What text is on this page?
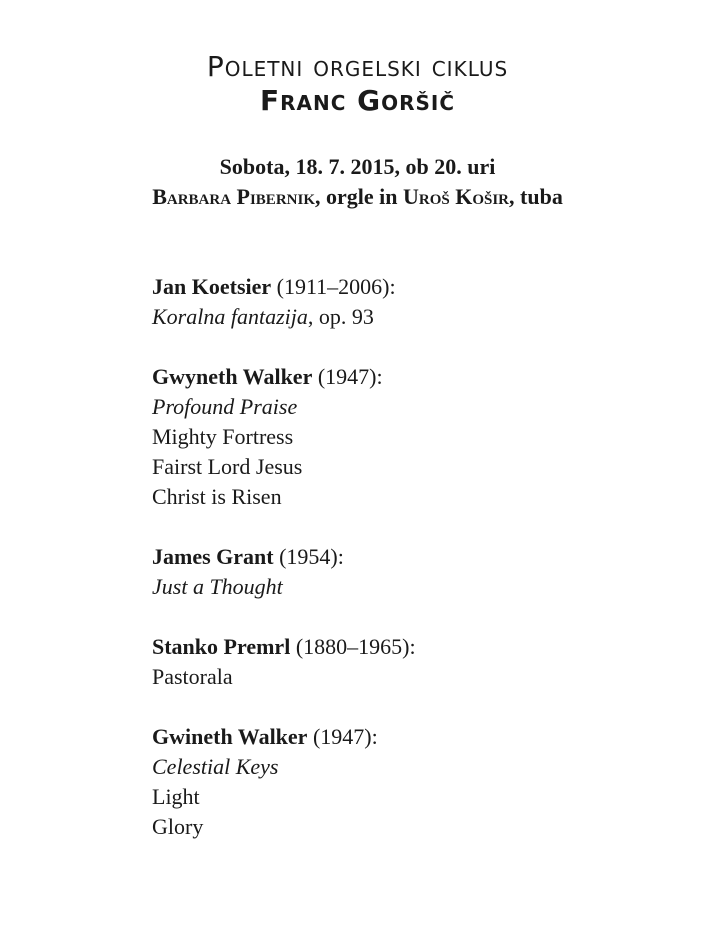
Poletni orgelski ciklus
Franc Goršič
Sobota, 18. 7. 2015, ob 20. uri
Barbara Pibernik, orgle in Uroš Košir, tuba
Jan Koetsier (1911–2006):
Koralna fantazija, op. 93
Gwyneth Walker (1947):
Profound Praise
Mighty Fortress
Fairst Lord Jesus
Christ is Risen
James Grant (1954):
Just a Thought
Stanko Premrl (1880–1965):
Pastorala
Gwineth Walker (1947):
Celestial Keys
Light
Glory
